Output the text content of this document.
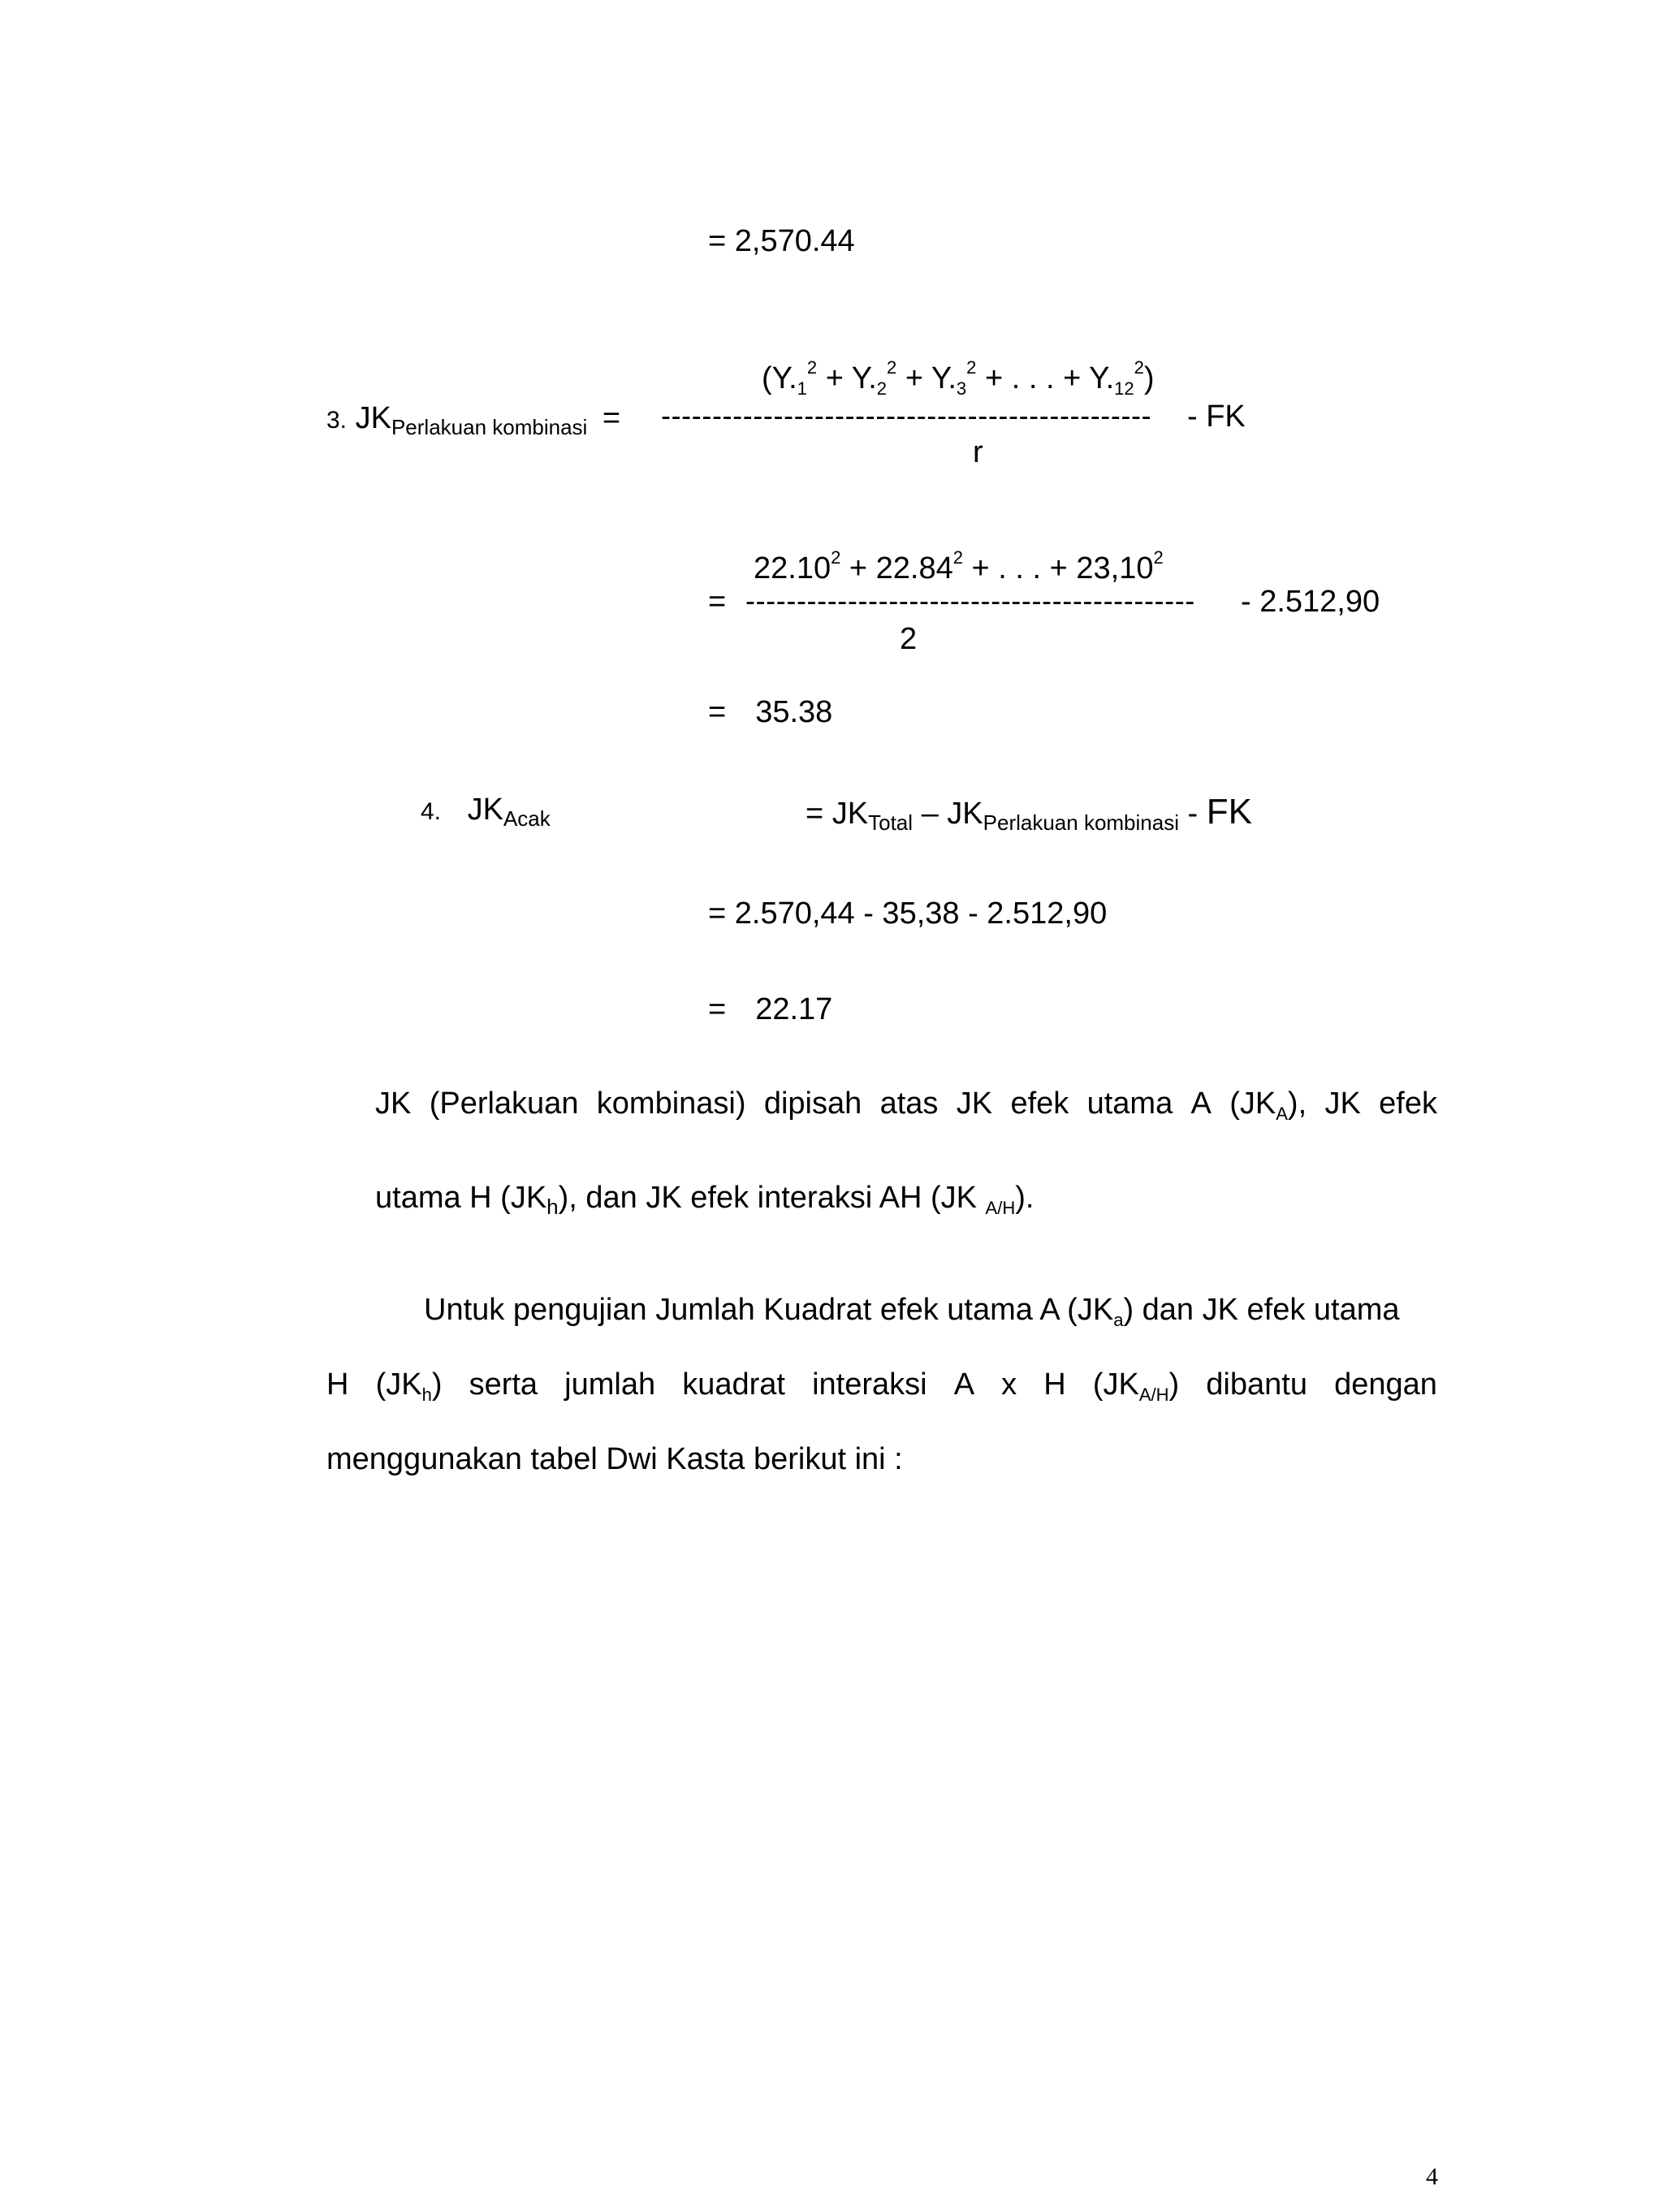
= 2,570.44
($Y._1^2 + Y._2^2 + Y._3^2$ + . . . + $Y._{12}^2$)
3. $JK_{Perlakuan kombinasi}$ = ------------------------------------------------ - FK
r
$22.10^2 + 22.84^2$ + . . . + $23,10^2$
= -------------------------------------------- - 2.512,90
2
= 35.38
4. $JK_{Acak}$	= $JK_{Total} - JK_{Perlakuan kombinasi}$ - FK
= 2.570,44 - 35,38 - 2.512,90
= 22.17
JK (Perlakuan kombinasi) dipisah atas JK efek utama A $(JK_A)$, JK efek
utama H $(JK_h)$, dan JK efek interaksi AH (JK $_{A/H}$).
Untuk pengujian Jumlah Kuadrat efek utama A $(JK_a)$ dan JK efek utama
H $(JK_h)$ serta jumlah kuadrat interaksi A x H $(JK_{A/H})$ dibantu dengan
menggunakan tabel Dwi Kasta berikut ini :
4
